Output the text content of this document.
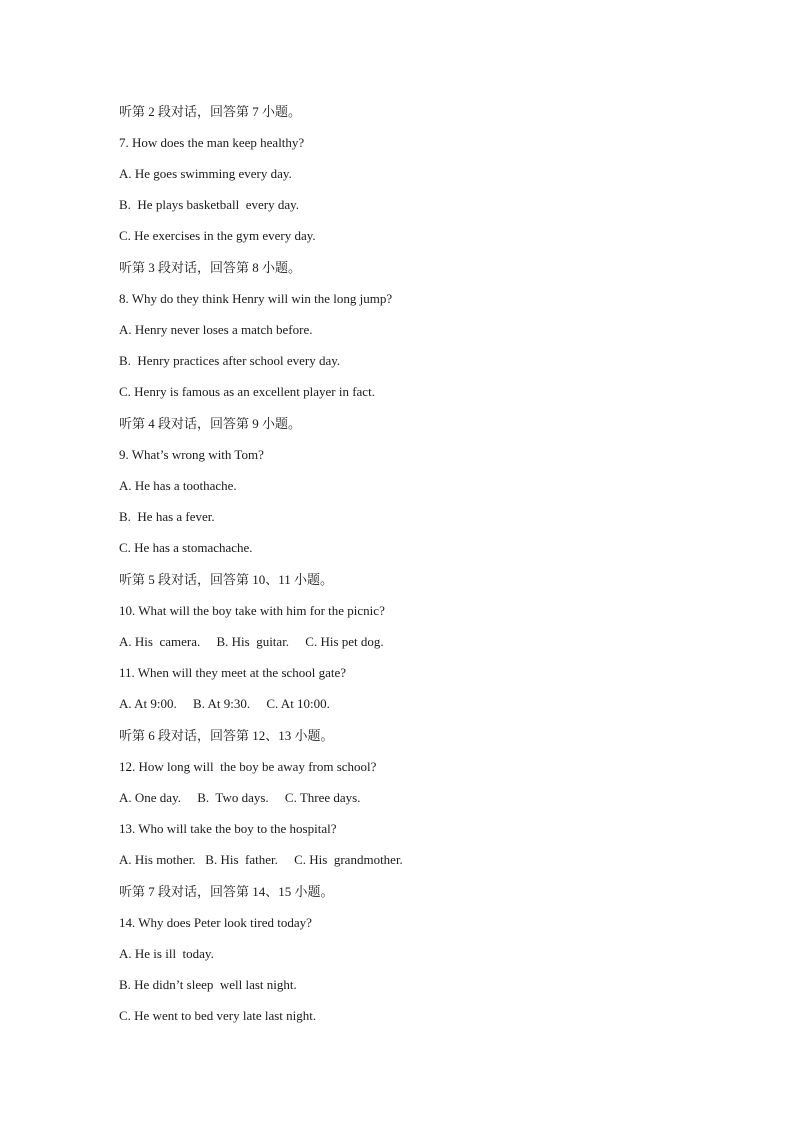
听第 2 段对话，回答第 7 小题。
7. How does the man keep healthy?
A. He goes swimming every day.
B.  He plays basketball  every day.
C. He exercises in the gym every day.
听第 3 段对话，回答第 8 小题。
8. Why do they think Henry will win the long jump?
A. Henry never loses a match before.
B.  Henry practices after school every day.
C. Henry is famous as an excellent player in fact.
听第 4 段对话，回答第 9 小题。
9. What’s wrong with Tom?
A. He has a toothache.
B.  He has a fever.
C. He has a stomachache.
听第 5 段对话，回答第 10、11 小题。
10. What will the boy take with him for the picnic?
A. His  camera.     B. His  guitar.     C. His pet dog.
11. When will they meet at the school gate?
A. At 9:00.     B. At 9:30.     C. At 10:00.
听第 6 段对话，回答第 12、13 小题。
12. How long will  the boy be away from school?
A. One day.     B.  Two days.     C. Three days.
13. Who will take the boy to the hospital?
A. His mother.   B. His  father.     C. His  grandmother.
听第 7 段对话，回答第 14、15 小题。
14. Why does Peter look tired today?
A. He is ill  today.
B. He didn’t sleep  well last night.
C. He went to bed very late last night.
